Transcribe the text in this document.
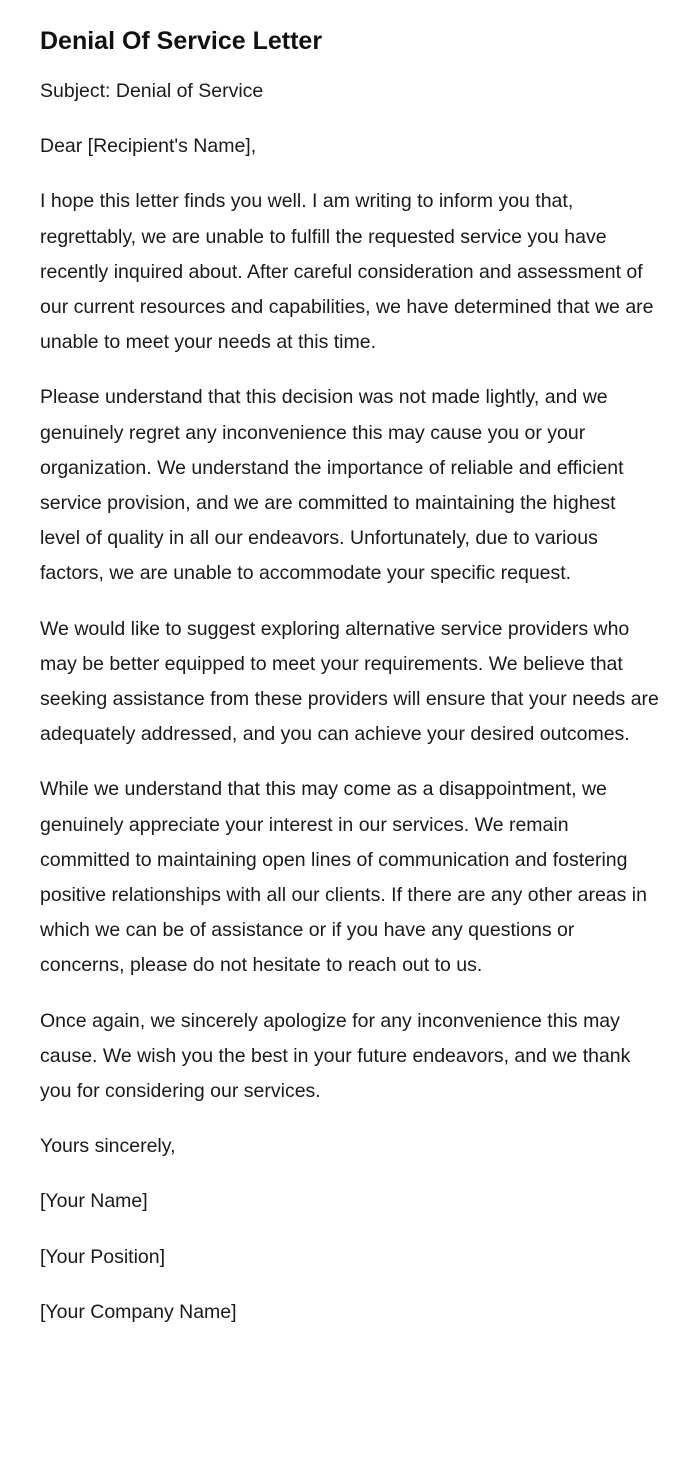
Denial Of Service Letter

Subject: Denial of Service

Dear [Recipient's Name],

I hope this letter finds you well. I am writing to inform you that, regrettably, we are unable to fulfill the requested service you have recently inquired about. After careful consideration and assessment of our current resources and capabilities, we have determined that we are unable to meet your needs at this time.

Please understand that this decision was not made lightly, and we genuinely regret any inconvenience this may cause you or your organization. We understand the importance of reliable and efficient service provision, and we are committed to maintaining the highest level of quality in all our endeavors. Unfortunately, due to various factors, we are unable to accommodate your specific request.

We would like to suggest exploring alternative service providers who may be better equipped to meet your requirements. We believe that seeking assistance from these providers will ensure that your needs are adequately addressed, and you can achieve your desired outcomes.

While we understand that this may come as a disappointment, we genuinely appreciate your interest in our services. We remain committed to maintaining open lines of communication and fostering positive relationships with all our clients. If there are any other areas in which we can be of assistance or if you have any questions or concerns, please do not hesitate to reach out to us.

Once again, we sincerely apologize for any inconvenience this may cause. We wish you the best in your future endeavors, and we thank you for considering our services.

Yours sincerely,

[Your Name]

[Your Position]

[Your Company Name]
